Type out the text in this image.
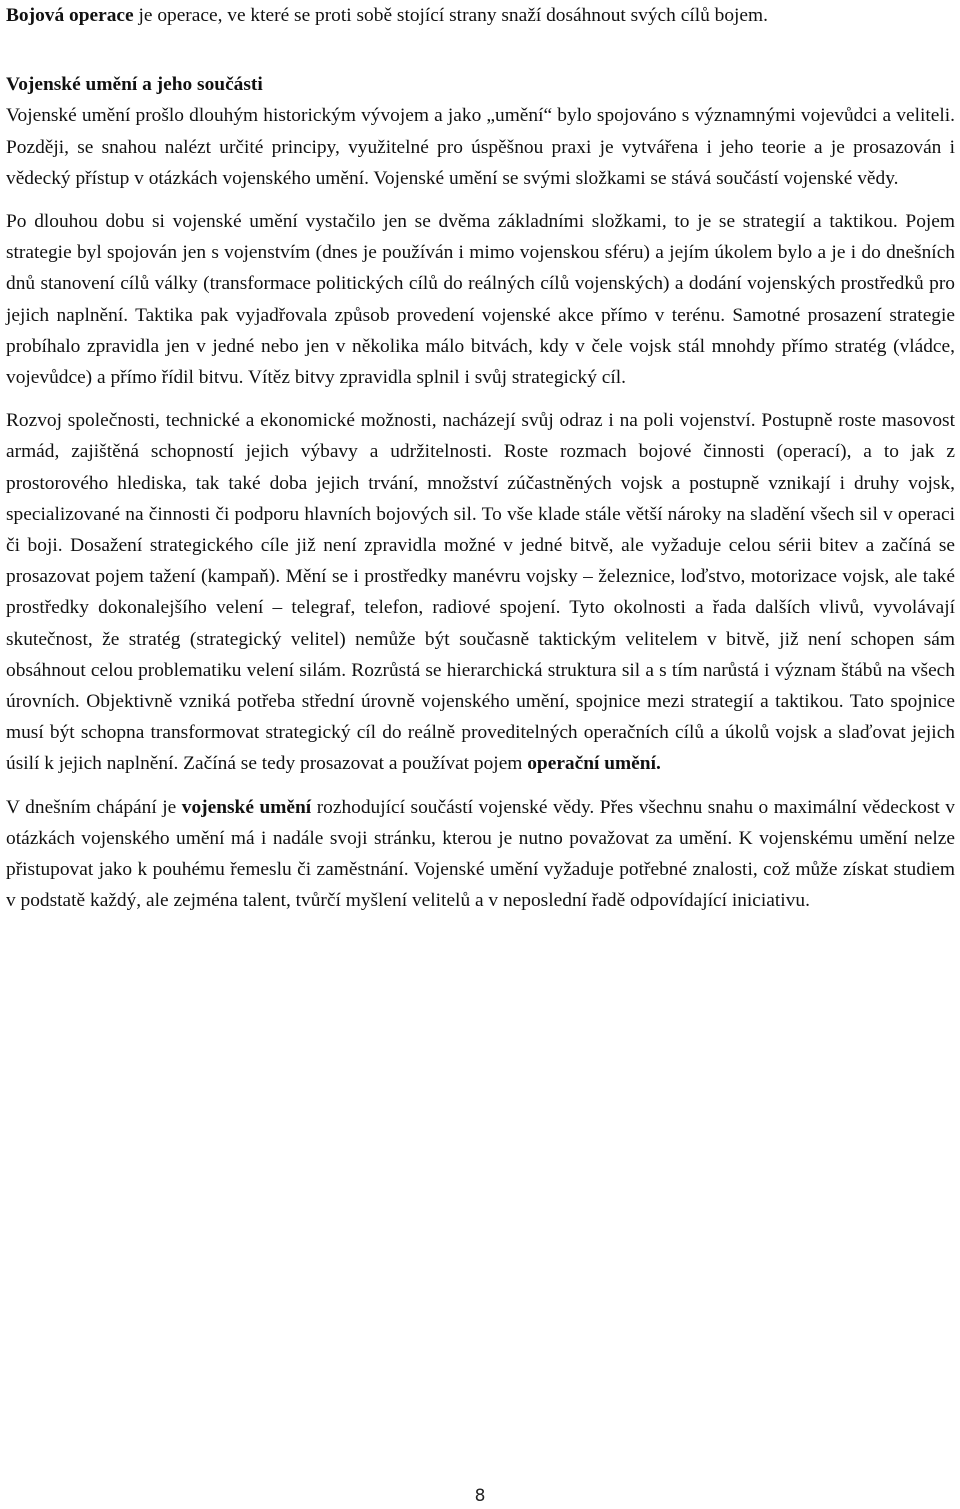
Bojová operace je operace, ve které se proti sobě stojící strany snaží dosáhnout svých cílů bojem.

Vojenské umění a jeho součásti

Vojenské umění prošlo dlouhým historickým vývojem a jako „umění“ bylo spojováno s významnými vojevůdci a veliteli. Později, se snahou nalézt určité principy, využitelné pro úspěšnou praxi je vytvářena i jeho teorie a je prosazován i vědecký přístup v otázkách vojenského umění. Vojenské umění se svými složkami se stává součástí vojenské vědy.

Po dlouhou dobu si vojenské umění vystačilo jen se dvěma základními složkami, to je se strategií a taktikou. Pojem strategie byl spojován jen s vojenstvím (dnes je používán i mimo vojenskou sféru) a jejím úkolem bylo a je i do dnešních dnů stanovení cílů války (transformace politických cílů do reálných cílů vojenských) a dodání vojenských prostředků pro jejich naplnění. Taktika pak vyjadřovala způsob provedení vojenské akce přímo v terénu. Samotné prosazení strategie probíhalo zpravidla jen v jedné nebo jen v několika málo bitvách, kdy v čele vojsk stál mnohdy přímo stratég (vládce, vojevůdce) a přímo řídil bitvu. Vítěz bitvy zpravidla splnil i svůj strategický cíl.

Rozvoj společnosti, technické a ekonomické možnosti, nacházejí svůj odraz i na poli vojenství. Postupně roste masovost armád, zajištěná schopností jejich výbavy a udržitelnosti. Roste rozmach bojové činnosti (operací), a to jak z prostorového hlediska, tak také doba jejich trvání, množství zúčastněných vojsk a postupně vznikají i druhy vojsk, specializované na činnosti či podporu hlavních bojových sil. To vše klade stále větší nároky na sladění všech sil v operaci či boji. Dosažení strategického cíle již není zpravidla možné v jedné bitvě, ale vyžaduje celou sérii bitev a začíná se prosazovat pojem tažení (kampaň). Mění se i prostředky manévru vojsky – železnice, loďstvo, motorizace vojsk, ale také prostředky dokonalejšího velení – telegraf, telefon, radiové spojení. Tyto okolnosti a řada dalších vlivů, vyvolávají skutečnost, že stratég (strategický velitel) nemůže být současně taktickým velitelem v bitvě, již není schopen sám obsáhnout celou problematiku velení silám. Rozrůstá se hierarchická struktura sil a s tím narůstá i význam štábů na všech úrovních. Objektivně vzniká potřeba střední úrovně vojenského umění, spojnice mezi strategií a taktikou. Tato spojnice musí být schopna transformovat strategický cíl do reálně proveditelných operačních cílů a úkolů vojsk a slaďovat jejich úsilí k jejich naplnění. Začíná se tedy prosazovat a používat pojem operační umění.

V dnešním chápání je vojenské umění rozhodující součástí vojenské vědy. Přes všechnu snahu o maximální vědeckost v otázkách vojenského umění má i nadále svoji stránku, kterou je nutno považovat za umění. K vojenskému umění nelze přistupovat jako k pouhému řemeslu či zaměstnání. Vojenské umění vyžaduje potřebné znalosti, což může získat studiem v podstatě každý, ale zejména talent, tvůrčí myšlení velitelů a v neposlední řadě odpovídající iniciativu.

8
